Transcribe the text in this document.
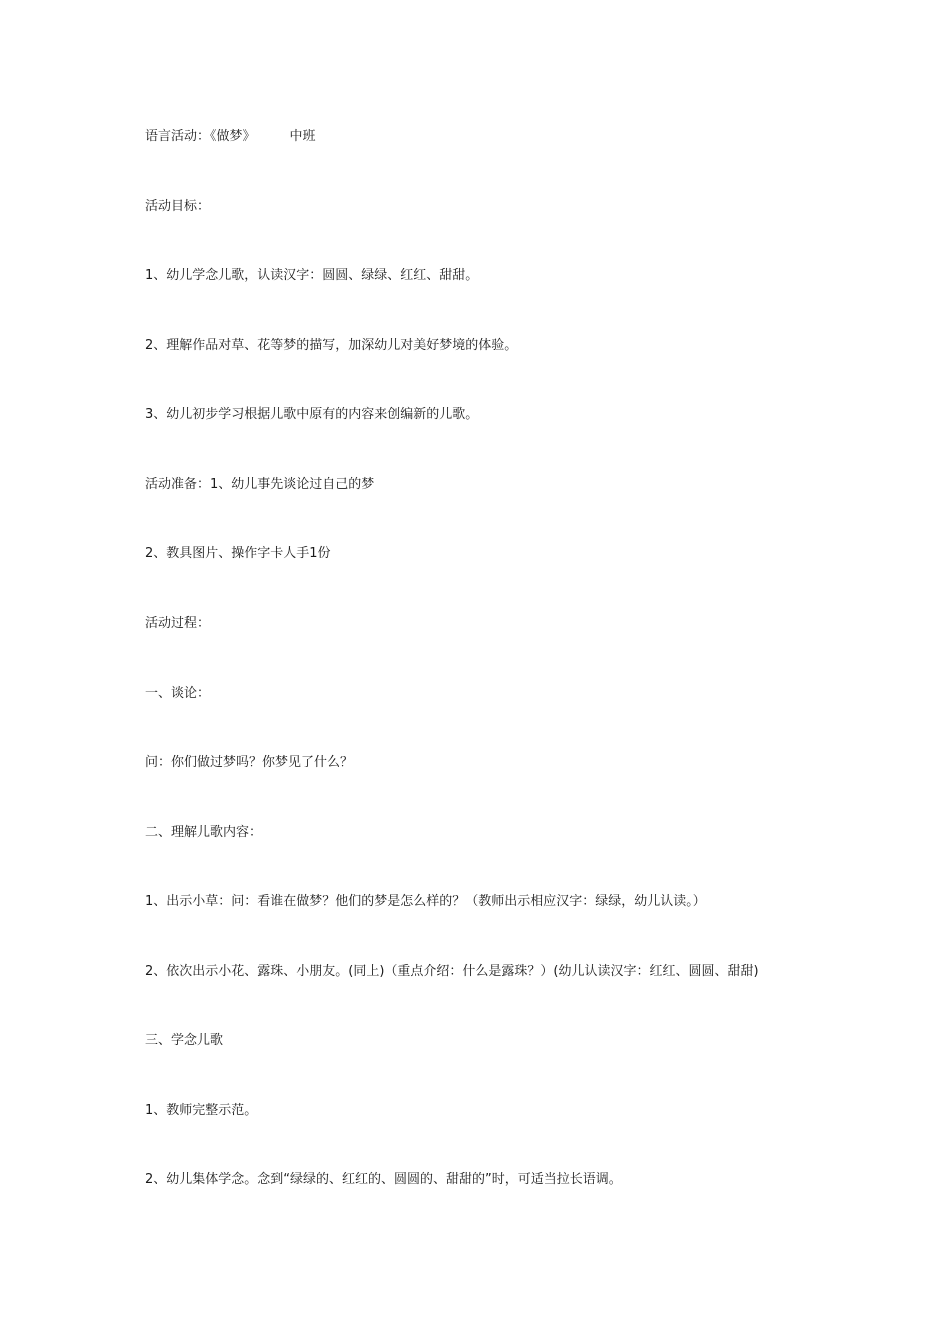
语言活动：《做梦》	中班
活动目标：
1、幼儿学念儿歌，认读汉字：圆圆、绿绿、红红、甜甜。
2、理解作品对草、花等梦的描写，加深幼儿对美好梦境的体验。
3、幼儿初步学习根据儿歌中原有的内容来创编新的儿歌。
活动准备：1、幼儿事先谈论过自己的梦
2、教具图片、操作字卡人手1份
活动过程：
一、谈论：
问：你们做过梦吗？你梦见了什么？
二、理解儿歌内容：
1、出示小草：问：看谁在做梦？他们的梦是怎么样的？（教师出示相应汉字：绿绿，幼儿认读。）
2、依次出示小花、露珠、小朋友。(同上)（重点介绍：什么是露珠？）(幼儿认读汉字：红红、圆圆、甜甜)
三、学念儿歌
1、教师完整示范。
2、幼儿集体学念。念到“绿绿的、红红的、圆圆的、甜甜的”时，可适当拉长语调。
